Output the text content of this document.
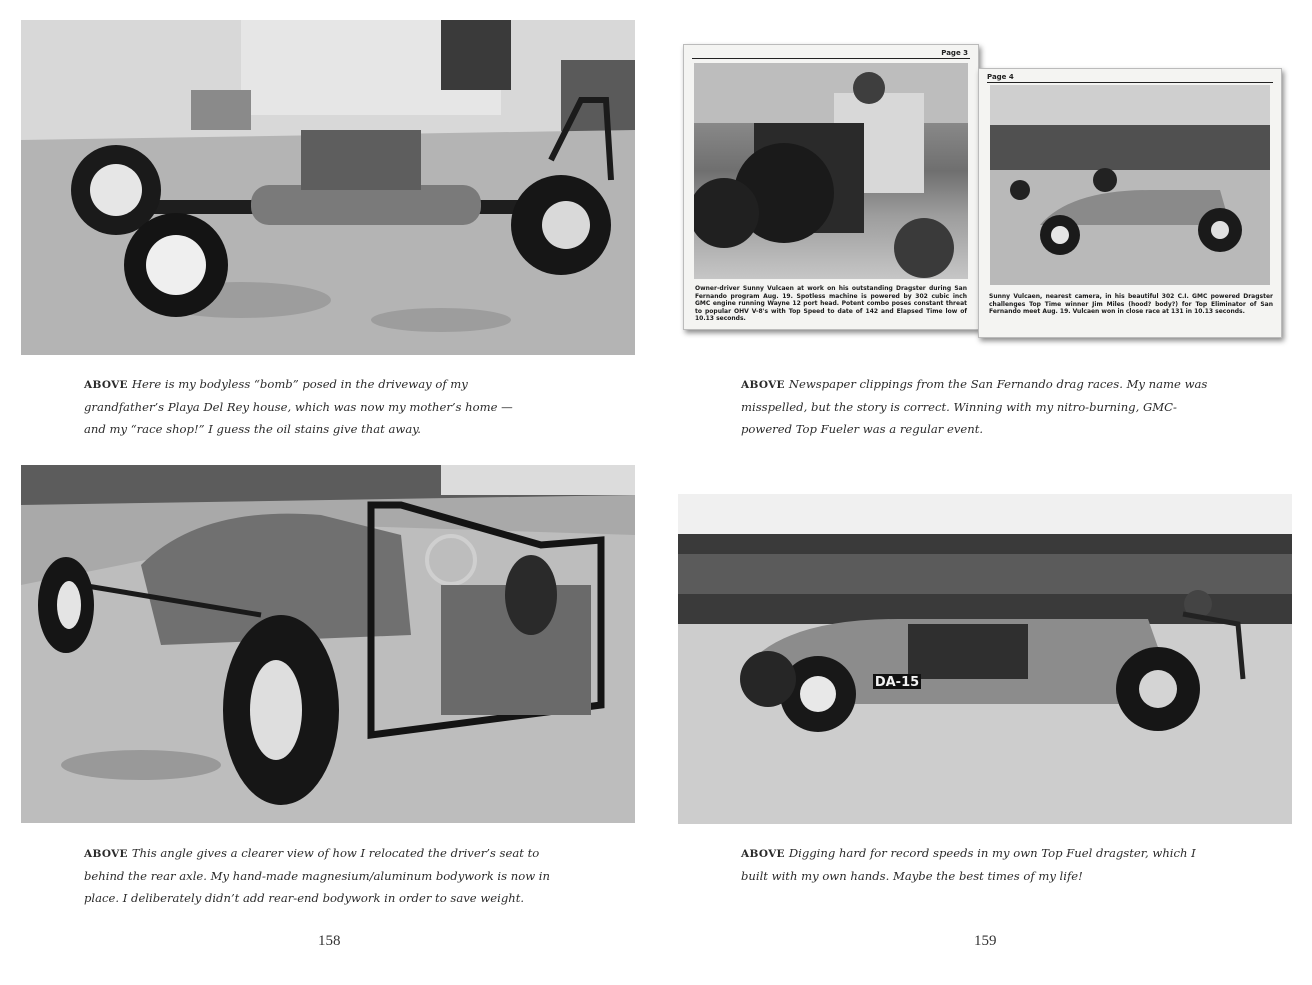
ABOVE Here is my bodyless “bomb” posed in the driveway of my grandfather’s Playa Del Rey house, which was now my mother’s home — and my “race shop!” I guess the oil stains give that away.
ABOVE This angle gives a clearer view of how I relocated the driver’s seat to behind the rear axle. My hand-made magnesium/aluminum bodywork is now in place. I deliberately didn’t add rear-end bodywork in order to save weight.
158
Page 3
Owner-driver Sunny Vulcaen at work on his outstanding Dragster during San Fernando program Aug. 19. Spotless machine is powered by 302 cubic inch GMC engine running Wayne 12 port head. Potent combo poses constant threat to popular OHV V-8's with Top Speed to date of 142 and Elapsed Time low of 10.13 seconds.
Page 4
Sunny Vulcaen, nearest camera, in his beautiful 302 C.I. GMC powered Dragster challenges Top Time winner Jim Miles (hood? body?) for Top Eliminator of San Fernando meet Aug. 19. Vulcaen won in close race at 131 in 10.13 seconds.
ABOVE Newspaper clippings from the San Fernando drag races. My name was misspelled, but the story is correct. Winning with my nitro-burning, GMC-powered Top Fueler was a regular event.
DA-15
ABOVE Digging hard for record speeds in my own Top Fuel dragster, which I built with my own hands. Maybe the best times of my life!
159
